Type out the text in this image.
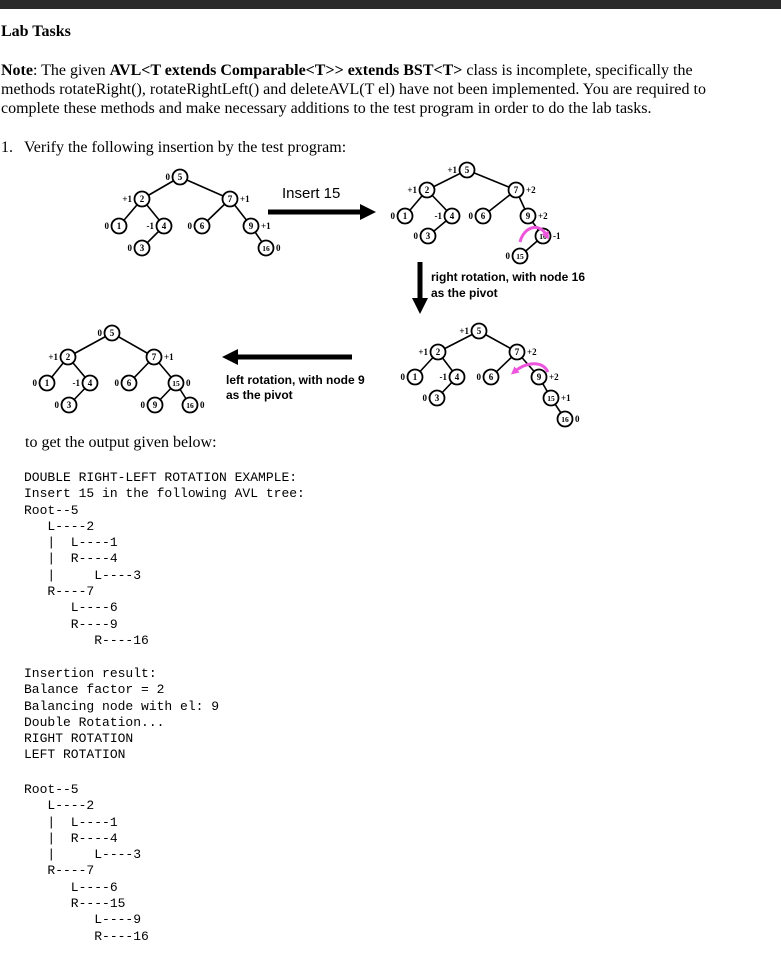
Lab Tasks
Note: The given AVL<T extends Comparable<T>> extends BST<T> class is incomplete, specifically the
methods rotateRight(), rotateRightLeft() and deleteAVL(T el) have not been implemented. You are required to
complete these methods and make necessary additions to the test program in order to do the lab tasks.
1. Verify the following insertion by the test program:
5
0
2
+1	7 +1
1
0	4
-1	6
0	9 +1
3
0	16 0
5
+1
2
+1	7 +2
1
0	4
-1	6
0	9 +2
3
0	16 -1
15
0
5
+1
2
+1	7 +2
1
0	4
-1	6
0	9 +2
3
0	15 +1
16 0
5
0
2
+1	7 +1
1
0	4
-1	6
0	15 0
3
0	9
0	16 0
Insert 15
right rotation, with node 16
as the pivot
left rotation, with node 9
as the pivot
to get the output given below:
DOUBLE RIGHT-LEFT ROTATION EXAMPLE:
Insert 15 in the following AVL tree:
Root--5
L----2
|  L----1
|  R----4
|     L----3
R----7
L----6
R----9
R----16
Insertion result:
Balance factor = 2
Balancing node with el: 9
Double Rotation...
RIGHT ROTATION
LEFT ROTATION
Root--5
L----2
|  L----1
|  R----4
|     L----3
R----7
L----6
R----15
L----9
R----16
